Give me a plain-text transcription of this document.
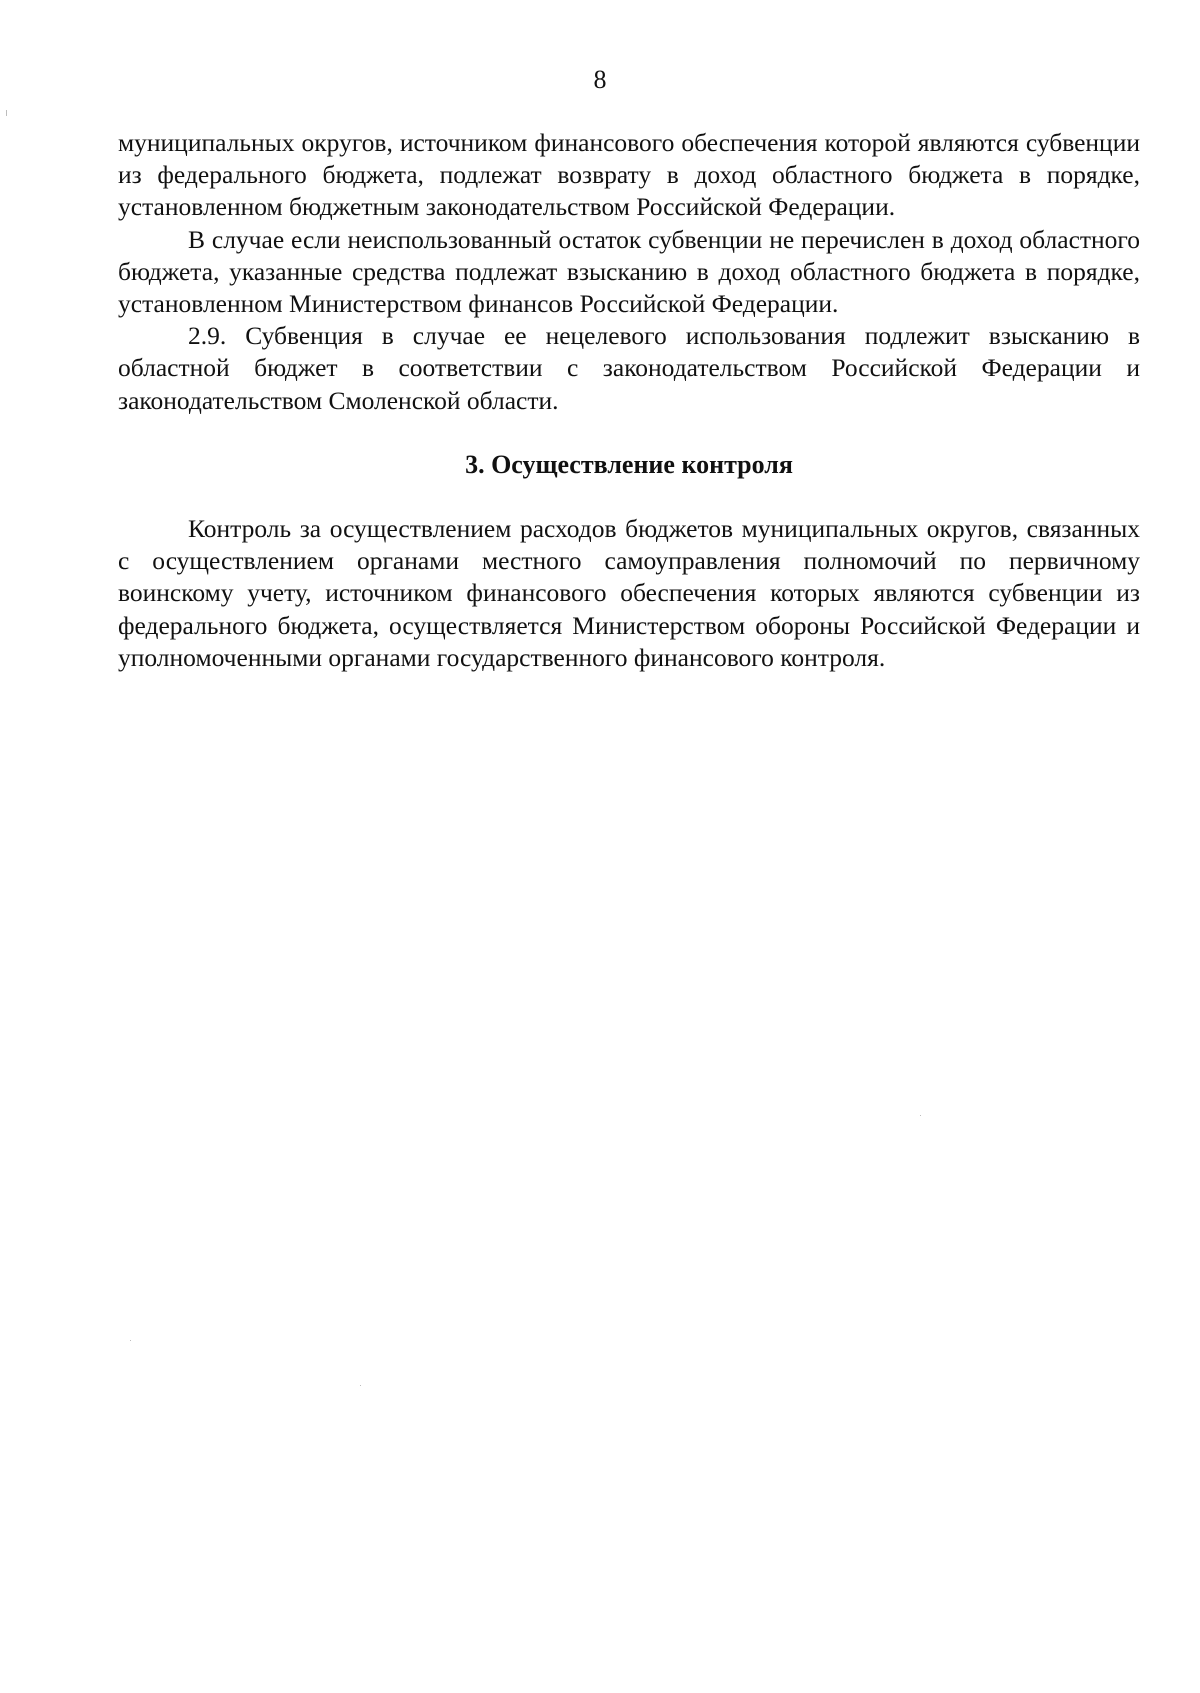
8

муниципальных округов, источником финансового обеспечения которой являются субвенции из федерального бюджета, подлежат возврату в доход областного бюджета в порядке, установленном бюджетным законодательством Российской Федерации.

В случае если неиспользованный остаток субвенции не перечислен в доход областного бюджета, указанные средства подлежат взысканию в доход областного бюджета в порядке, установленном Министерством финансов Российской Федерации.

2.9. Субвенция в случае ее нецелевого использования подлежит взысканию в областной бюджет в соответствии с законодательством Российской Федерации и законодательством Смоленской области.

3. Осуществление контроля

Контроль за осуществлением расходов бюджетов муниципальных округов, связанных с осуществлением органами местного самоуправления полномочий по первичному воинскому учету, источником финансового обеспечения которых являются субвенции из федерального бюджета, осуществляется Министерством обороны Российской Федерации и уполномоченными органами государственного финансового контроля.
